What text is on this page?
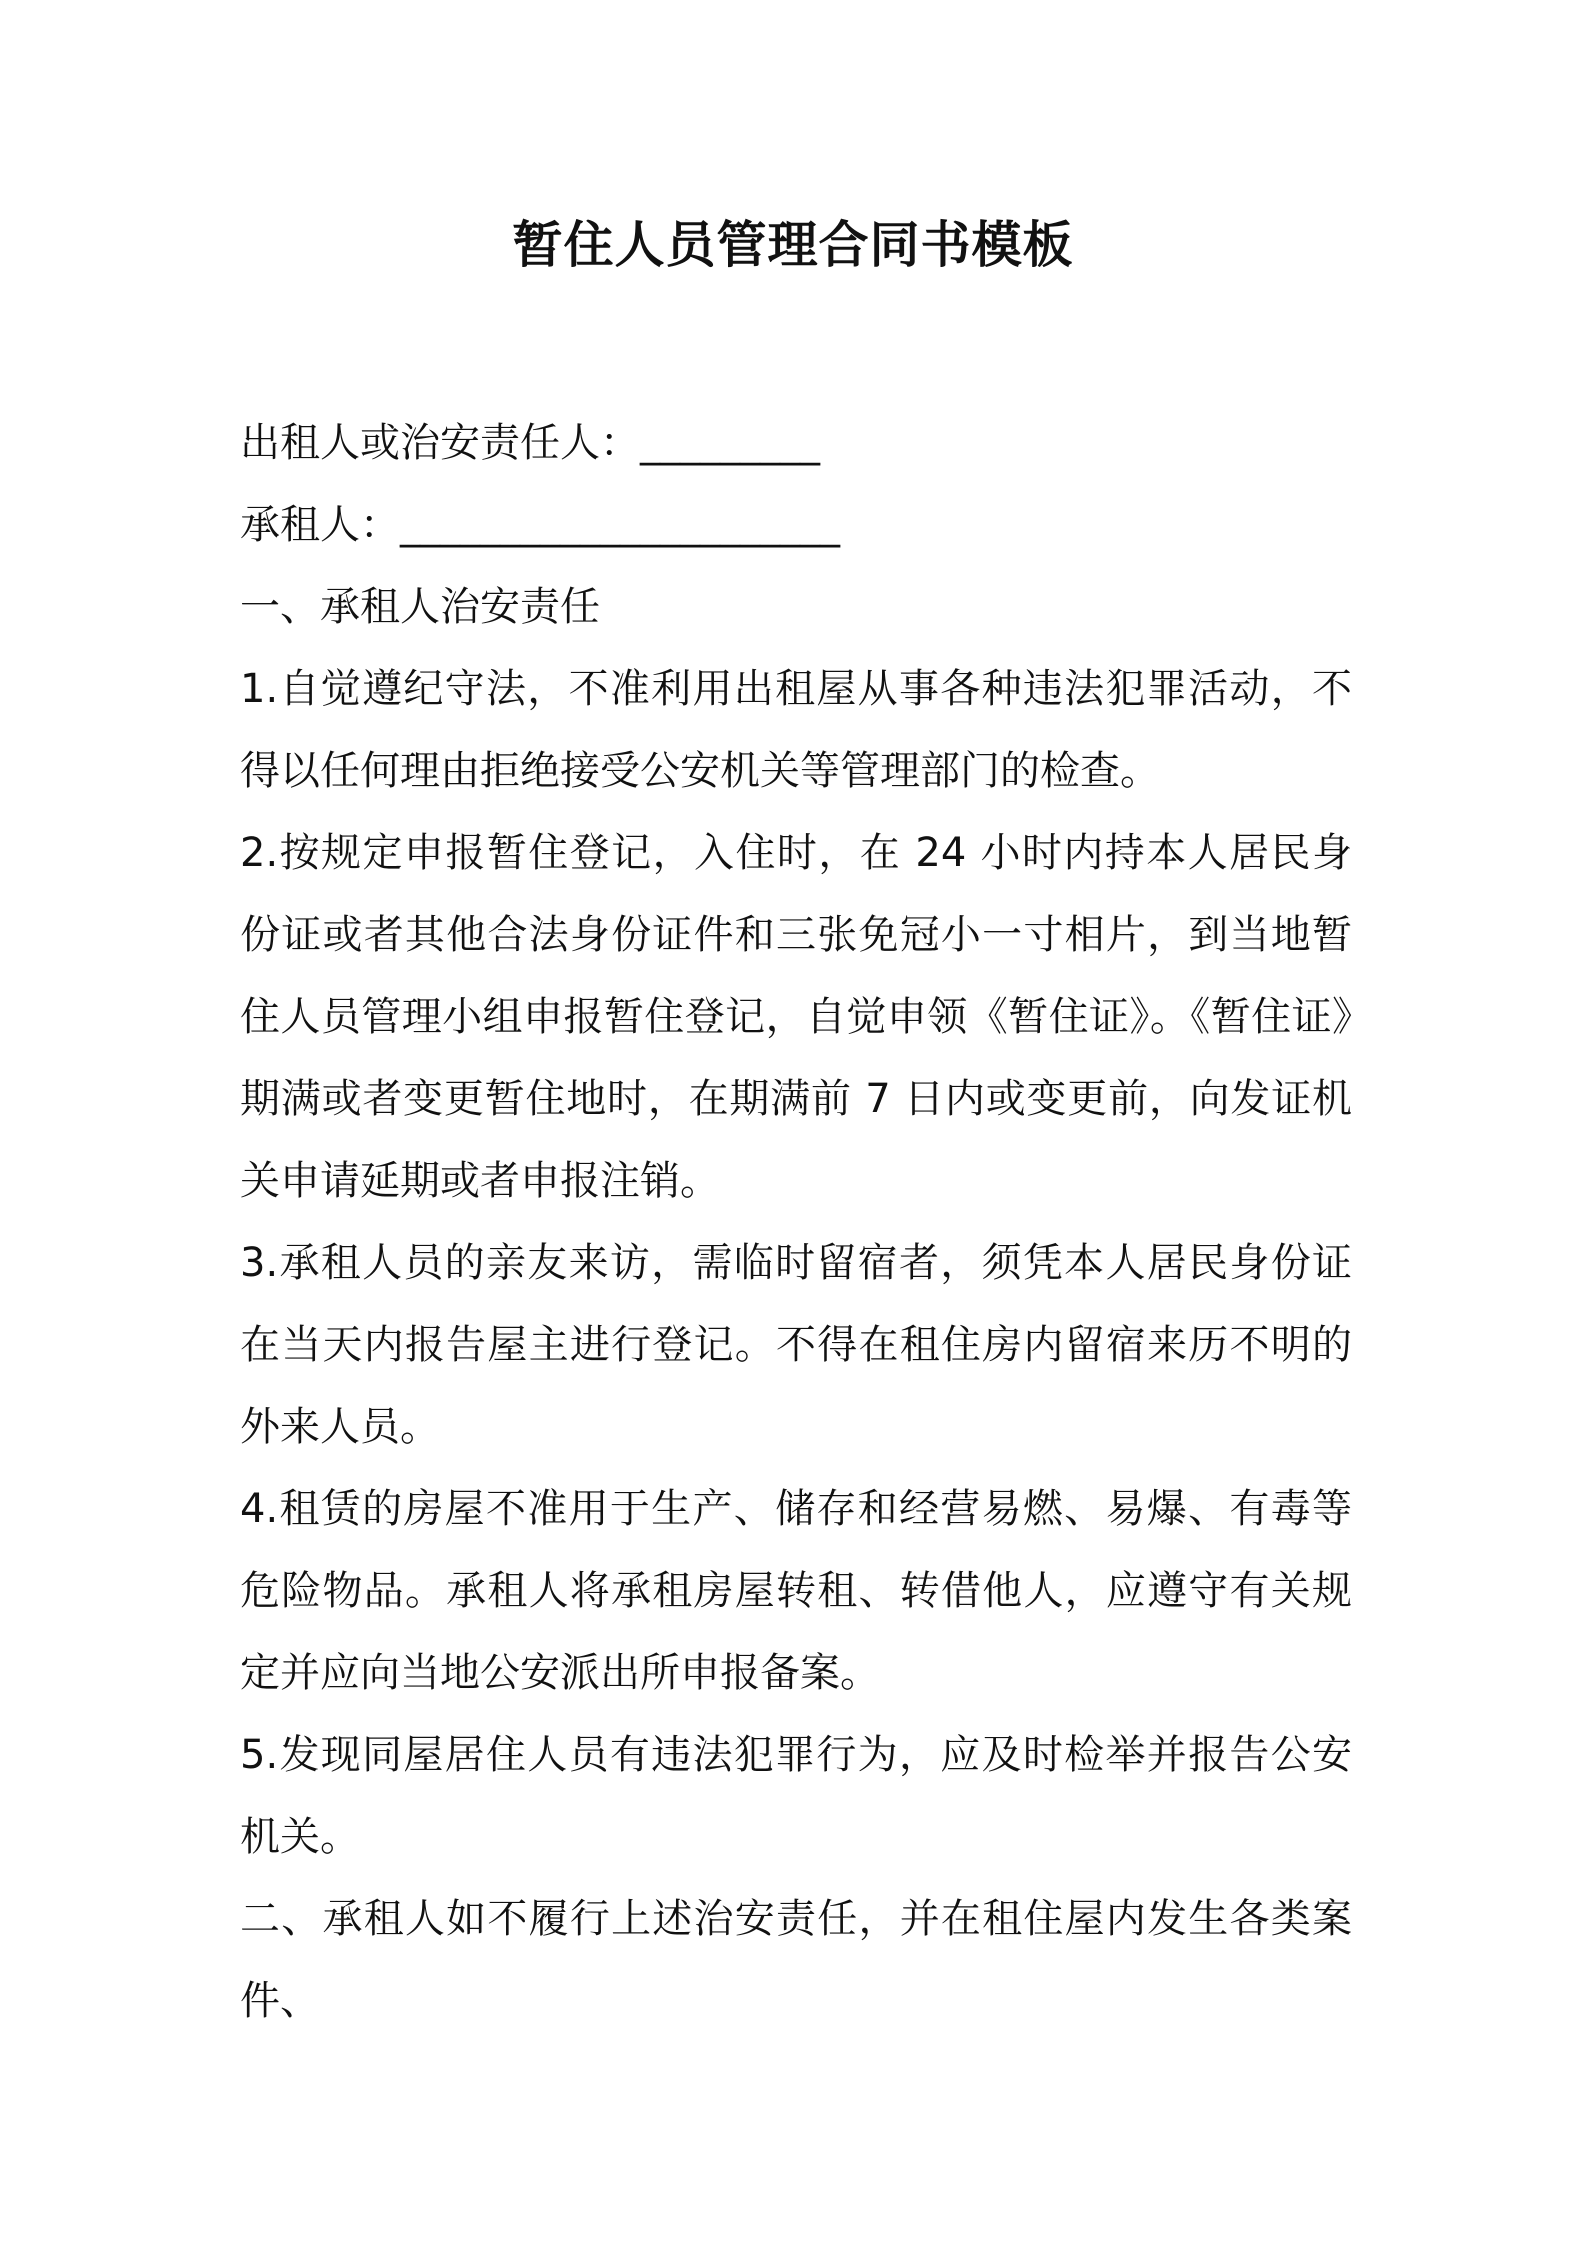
暂住人员管理合同书模板

出租人或治安责任人：_________

承租人：______________________

一、承租人治安责任

1.自觉遵纪守法，不准利用出租屋从事各种违法犯罪活动，不得以任何理由拒绝接受公安机关等管理部门的检查。

2.按规定申报暂住登记，入住时，在 24 小时内持本人居民身份证或者其他合法身份证件和三张免冠小一寸相片，到当地暂住人员管理小组申报暂住登记，自觉申领《暂住证》。《暂住证》期满或者变更暂住地时，在期满前 7 日内或变更前，向发证机关申请延期或者申报注销。

3.承租人员的亲友来访，需临时留宿者，须凭本人居民身份证在当天内报告屋主进行登记。不得在租住房内留宿来历不明的外来人员。

4.租赁的房屋不准用于生产、储存和经营易燃、易爆、有毒等危险物品。承租人将承租房屋转租、转借他人，应遵守有关规定并应向当地公安派出所申报备案。

5.发现同屋居住人员有违法犯罪行为，应及时检举并报告公安机关。

二、承租人如不履行上述治安责任，并在租住屋内发生各类案件、
